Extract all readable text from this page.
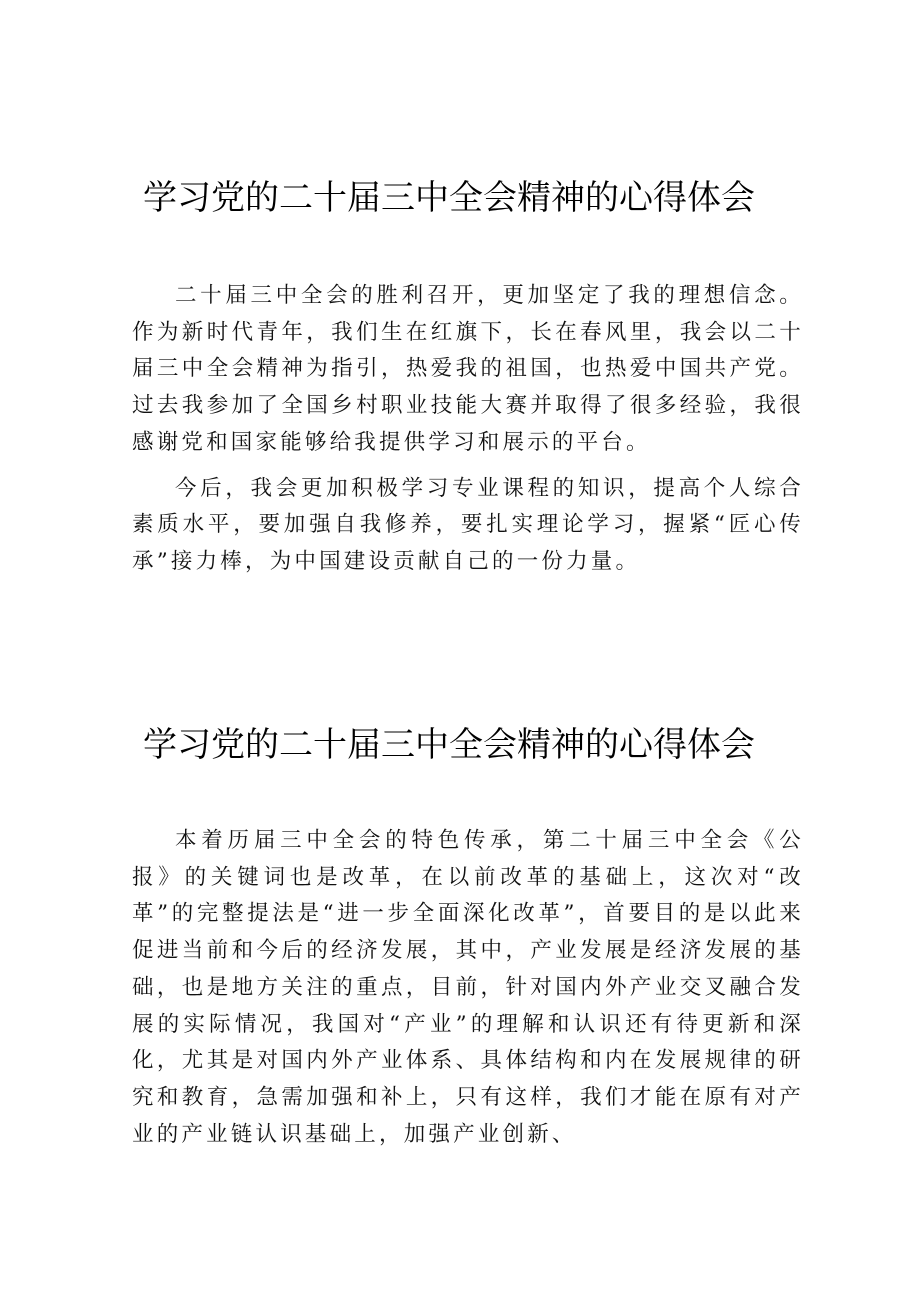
学习党的二十届三中全会精神的心得体会

二十届三中全会的胜利召开，更加坚定了我的理想信念。作为新时代青年，我们生在红旗下，长在春风里，我会以二十届三中全会精神为指引，热爱我的祖国，也热爱中国共产党。过去我参加了全国乡村职业技能大赛并取得了很多经验，我很感谢党和国家能够给我提供学习和展示的平台。

今后，我会更加积极学习专业课程的知识，提高个人综合素质水平，要加强自我修养，要扎实理论学习，握紧“匠心传承”接力棒，为中国建设贡献自己的一份力量。

学习党的二十届三中全会精神的心得体会

本着历届三中全会的特色传承，第二十届三中全会《公报》的关键词也是改革，在以前改革的基础上，这次对“改革”的完整提法是“进一步全面深化改革”，首要目的是以此来促进当前和今后的经济发展，其中，产业发展是经济发展的基础，也是地方关注的重点，目前，针对国内外产业交叉融合发展的实际情况，我国对“产业”的理解和认识还有待更新和深化，尤其是对国内外产业体系、具体结构和内在发展规律的研究和教育，急需加强和补上，只有这样，我们才能在原有对产业的产业链认识基础上，加强产业创新、
